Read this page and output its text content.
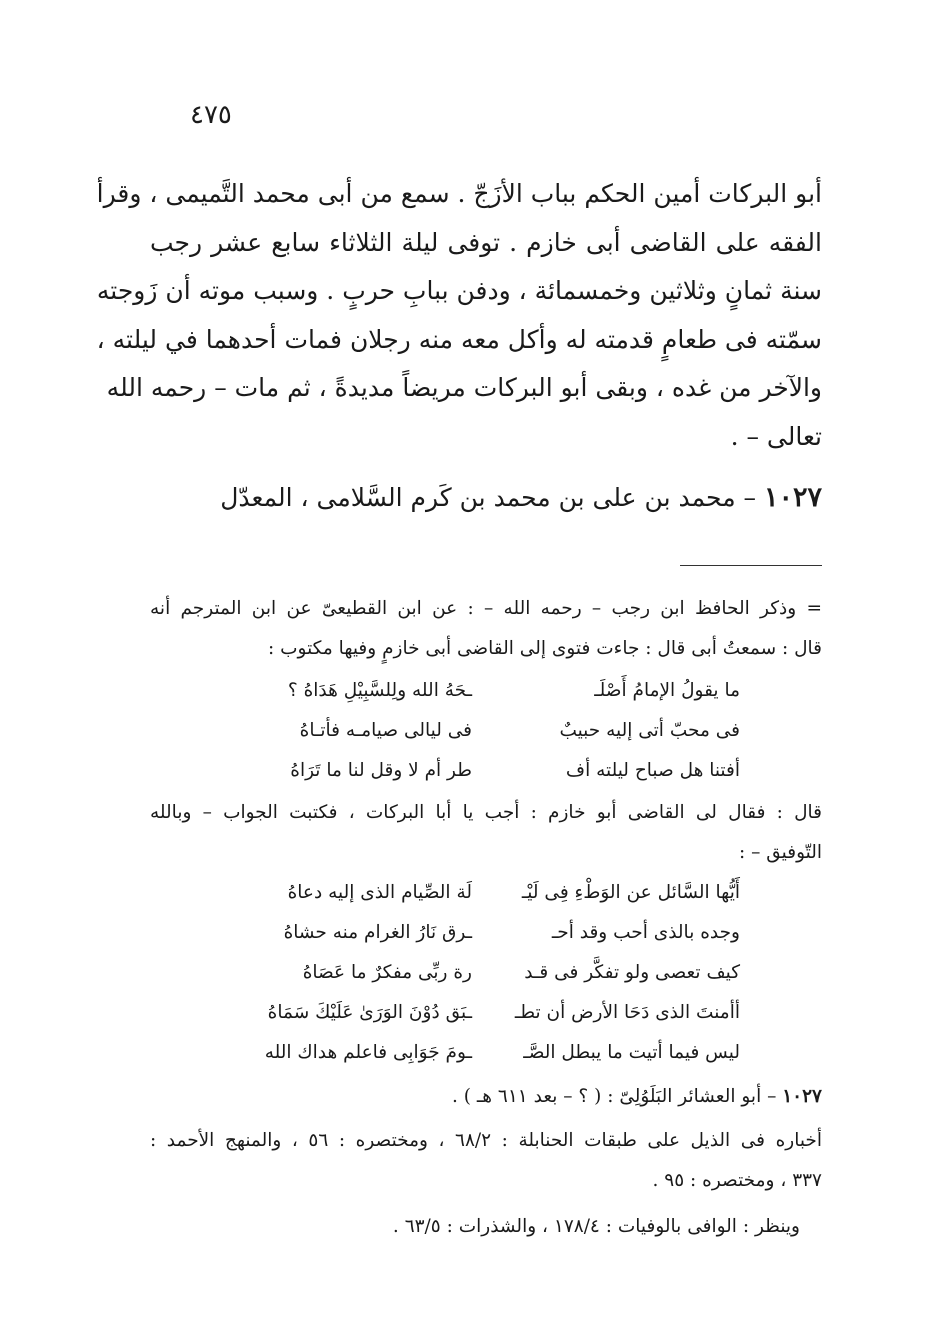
٤٧٥
أبو البركات أمين الحكم بباب الأزَجّ . سمع من أبى محمد التَّميمى ، وقرأ
الفقه على القاضى أبى خازم . توفى ليلة الثلاثاء سابع عشر رجب
سنة ثمانٍ وثلاثين وخمسمائة ، ودفن ببابِ حربٍ . وسبب موته أن زَوجته
سمّته فى طعامٍ قدمته له وأكل معه منه رجلان فمات أحدهما في ليلته ،
والآخر من غده ، وبقى أبو البركات مريضاً مديدةً ، ثم مات – رحمه الله
تعالى – .
١٠٢٧ – محمد بن على بن محمد بن كَرم السَّلامى ، المعدّل
= وذكر الحافظ ابن رجب – رحمه الله – : عن ابن القطيعىّ عن ابن المترجم أنه
قال : سمعتُ أبى قال : جاءت فتوى إلى القاضى أبى خازمٍ وفيها مكتوب :
ما يقولُ الإمامُ أَصْلَـ
ـحَهُ الله ولِلسَّبِيْلِ هَدَاهُ ؟
فى محبّ أتى إليه حبيبٌ
فى ليالى صيامـه فأتـاهُ
أفتنا هل صباح ليلته أف
طر أم لا وقل لنا ما تَرَاهُ
قال : فقال لى القاضى أبو خازم : أجب يا أبا البركات ، فكتبت الجواب – وبالله
التّوفيق – :
أَيُّها السَّائل عن الوَطْءِ فِى لَيْـ
لَة الصِّيام الذى إليه دعاهُ
وجده بالذى أحب وقد أحـ
ـرق نَارُ الغرام منه حشاهُ
كيف تعصى ولو تفكَّر فى قـد
رة ربِّى مفكرٌ ما عَصَاهُ
أأمنتَ الذى دَحَا الأرض أن تطـ
ـبَق دُوْنَ الوَرَىٰ عَلَيْكَ سَمَاهُ
ليس فيما أتيت ما يبطل الصَّـ
ـومَ جَوَابِى فاعلم هداك الله
١٠٢٧ – أبو العشائر البَلَوُلِىّ : ( ؟ – بعد ٦١١ هـ ) .
أخباره فى الذيل على طبقات الحنابلة : ٦٨/٢ ، ومختصره : ٥٦ ، والمنهج الأحمد :
٣٣٧ ، ومختصره : ٩٥ .
وينظر : الوافى بالوفيات : ١٧٨/٤ ، والشذرات : ٦٣/٥ .
